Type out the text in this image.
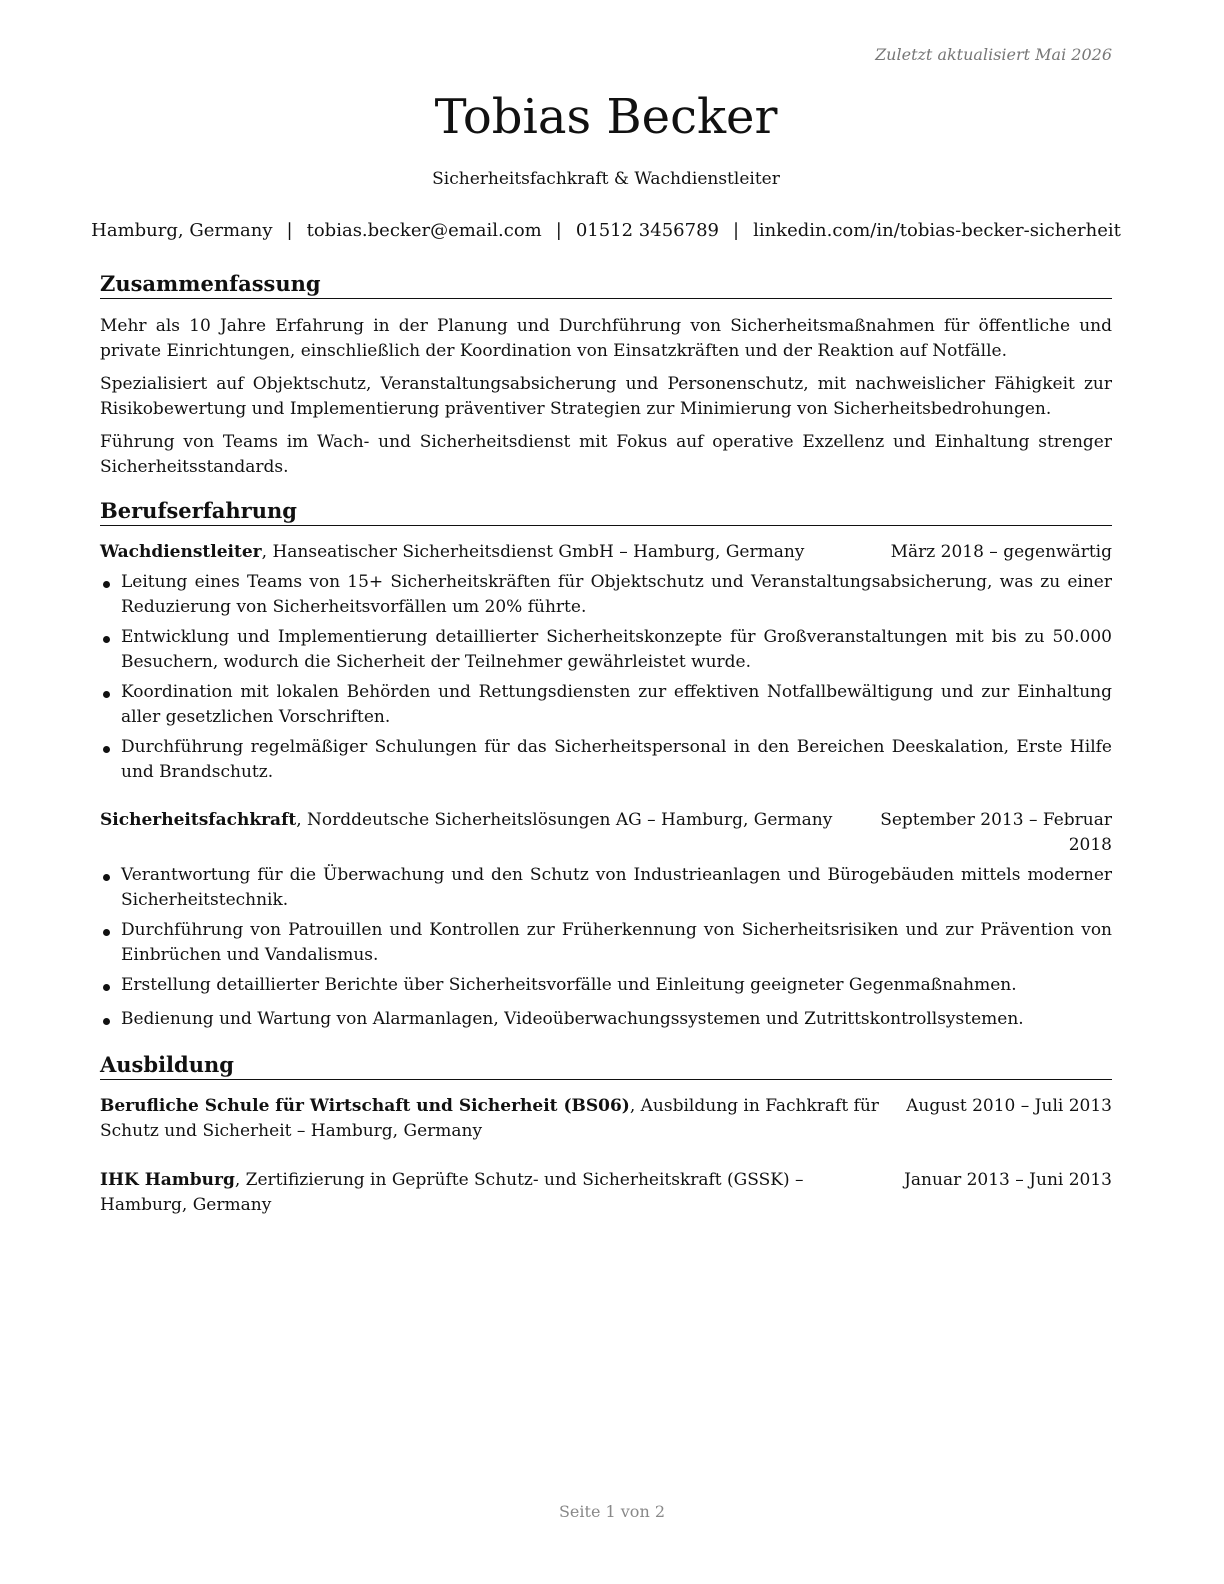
Zuletzt aktualisiert Mai 2026
Tobias Becker
Sicherheitsfachkraft & Wachdienstleiter
Hamburg, Germany | tobias.becker@email.com | 01512 3456789 | linkedin.com/in/tobias-becker-sicherheit
Zusammenfassung

Mehr als 10 Jahre Erfahrung in der Planung und Durchführung von Sicherheitsmaßnahmen für öffentliche und private Einrichtungen, einschließlich der Koordination von Einsatzkräften und der Reaktion auf Notfälle.

Spezialisiert auf Objektschutz, Veranstaltungsabsicherung und Personenschutz, mit nachweislicher Fähigkeit zur Risikobewertung und Implementierung präventiver Strategien zur Minimierung von Sicherheitsbedrohungen.

Führung von Teams im Wach- und Sicherheitsdienst mit Fokus auf operative Exzellenz und Einhaltung strenger Sicherheitsstandards.

Berufserfahrung
Wachdienstleiter, Hanseatischer Sicherheitsdienst GmbH – Hamburg, Germany	März 2018 – gegenwärtig
Leitung eines Teams von 15+ Sicherheitskräften für Objektschutz und Veranstaltungsabsicherung, was zu einer Reduzierung von Sicherheitsvorfällen um 20% führte.
Entwicklung und Implementierung detaillierter Sicherheitskonzepte für Großveranstaltungen mit bis zu 50.000 Besuchern, wodurch die Sicherheit der Teilnehmer gewährleistet wurde.
Koordination mit lokalen Behörden und Rettungsdiensten zur effektiven Notfallbewältigung und zur Einhaltung aller gesetzlichen Vorschriften.
Durchführung regelmäßiger Schulungen für das Sicherheitspersonal in den Bereichen Deeskalation, Erste Hilfe und Brandschutz.
Sicherheitsfachkraft, Norddeutsche Sicherheitslösungen AG – Hamburg, Germany	September 2013 – Februar 2018
Verantwortung für die Überwachung und den Schutz von Industrieanlagen und Bürogebäuden mittels moderner Sicherheitstechnik.
Durchführung von Patrouillen und Kontrollen zur Früherkennung von Sicherheitsrisiken und zur Prävention von Einbrüchen und Vandalismus.
Erstellung detaillierter Berichte über Sicherheitsvorfälle und Einleitung geeigneter Gegenmaßnahmen.
Bedienung und Wartung von Alarmanlagen, Videoüberwachungssystemen und Zutrittskontrollsystemen.
Ausbildung
Berufliche Schule für Wirtschaft und Sicherheit (BS06), Ausbildung in Fachkraft für Schutz und Sicherheit – Hamburg, Germany
August 2010 – Juli 2013
IHK Hamburg, Zertifizierung in Geprüfte Schutz- und Sicherheitskraft (GSSK) – Hamburg, Germany
Januar 2013 – Juni 2013
Seite 1 von 2
